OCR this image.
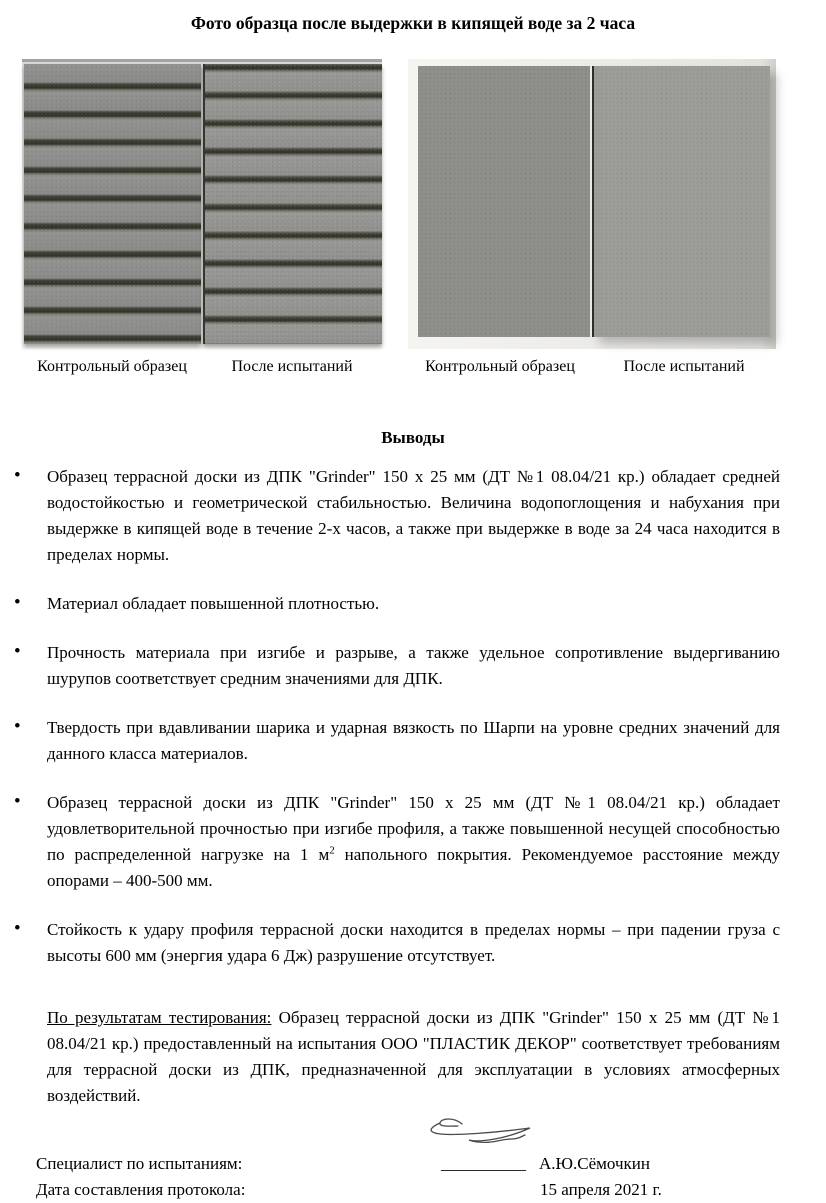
Фото образца после выдержки в кипящей воде за 2 часа
Контрольный образец	После испытаний	Контрольный образец	После испытаний
Выводы
• Образец террасной доски из ДПК "Grinder" 150 х 25 мм (ДТ №1 08.04/21 кр.) обладает средней водостойкостью и геометрической стабильностью. Величина водопоглощения и набухания при выдержке в кипящей воде в течение 2-х часов, а также при выдержке в воде за 24 часа находится в пределах нормы.
• Материал обладает повышенной плотностью.
• Прочность материала при изгибе и разрыве, а также удельное сопротивление выдергиванию шурупов соответствует средним значениями для ДПК.
• Твердость при вдавливании шарика и ударная вязкость по Шарпи на уровне средних значений для данного класса материалов.
• Образец террасной доски из ДПК "Grinder" 150 х 25 мм (ДТ №1 08.04/21 кр.) обладает удовлетворительной прочностью при изгибе профиля, а также повышенной несущей способностью по распределенной нагрузке на 1 $м^2$ напольного покрытия. Рекомендуемое расстояние между опорами – 400-500 мм.
• Стойкость к удару профиля террасной доски находится в пределах нормы – при падении груза с высоты 600 мм (энергия удара 6 Дж) разрушение отсутствует.

По результатам тестирования: Образец террасной доски из ДПК "Grinder" 150 х 25 мм (ДТ №1 08.04/21 кр.) предоставленный на испытания ООО "ПЛАСТИК ДЕКОР" соответствует требованиям для террасной доски из ДПК, предназначенной для эксплуатации в условиях атмосферных воздействий.

Специалист по испытаниям:	__________ А.Ю.Сёмочкин
Дата составления протокола:	15 апреля 2021 г.
